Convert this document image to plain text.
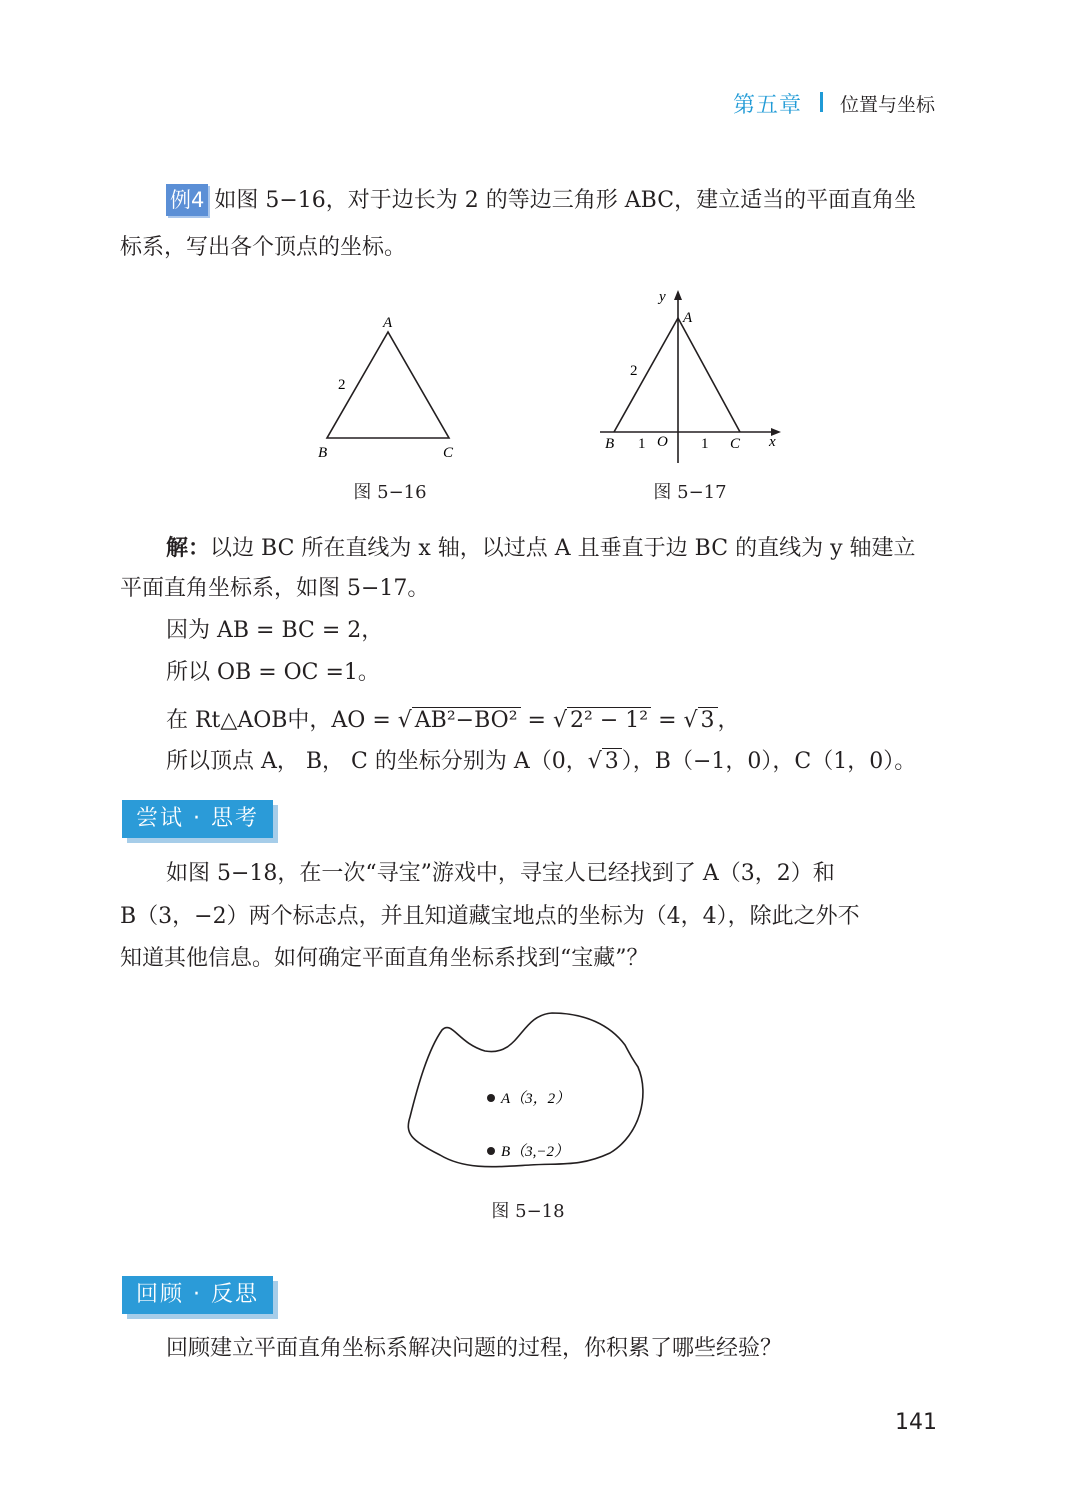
第五章 位置与坐标
例4 如图 5−16，对于边长为 2 的等边三角形 ABC，建立适当的平面直角坐
标系，写出各个顶点的坐标。
A
B	C
2
图 5−16
y
A
2
B 1 O 1 C x
图 5−17
解：以边 BC 所在直线为 x 轴，以过点 A 且垂直于边 BC 的直线为 y 轴建立
平面直角坐标系，如图 5−17。
因为 AB = BC = 2，
所以 OB = OC =1。
在 Rt△AOB中，AO = √ AB²−BO² = √ 2² − 1² = √ 3 ，
所以顶点 A， B， C 的坐标分别为 A（0，√ 3 ），B（−1，0），C（1，0）。
尝试 · 思考
如图 5−18，在一次“寻宝”游戏中，寻宝人已经找到了 A（3，2）和
B（3，−2）两个标志点，并且知道藏宝地点的坐标为（4，4），除此之外不
知道其他信息。如何确定平面直角坐标系找到“宝藏”？
A（3，2）
B（3,−2）
图 5−18
回顾 · 反思
回顾建立平面直角坐标系解决问题的过程，你积累了哪些经验？
141
